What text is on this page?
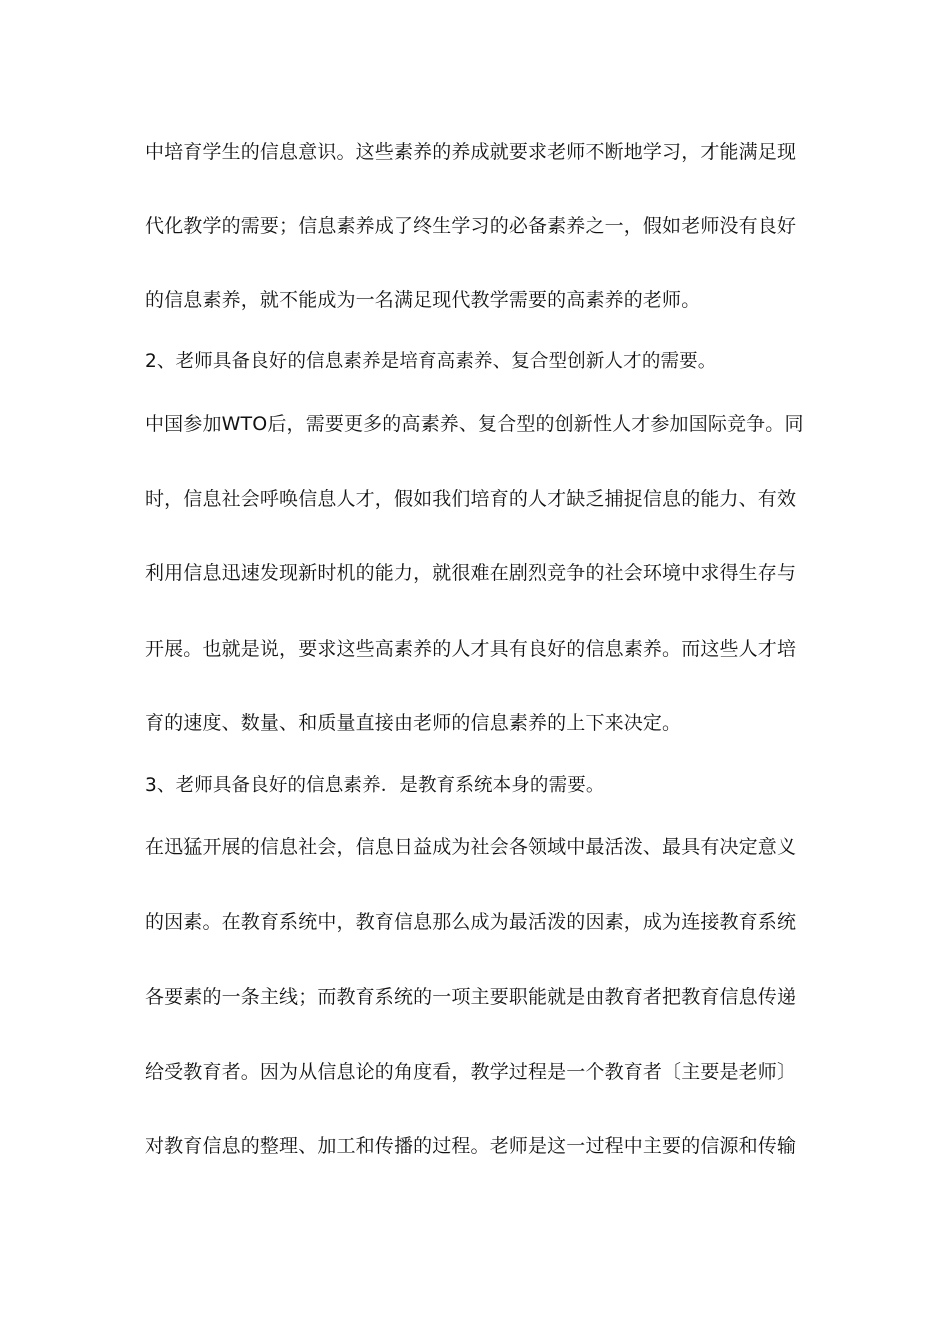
中培育学生的信息意识。这些素养的养成就要求老师不断地学习，才能满足现
代化教学的需要；信息素养成了终生学习的必备素养之一，假如老师没有良好
的信息素养，就不能成为一名满足现代教学需要的高素养的老师。
2、老师具备良好的信息素养是培育高素养、复合型创新人才的需要。
中国参加WTO后，需要更多的高素养、复合型的创新性人才参加国际竞争。同
时，信息社会呼唤信息人才，假如我们培育的人才缺乏捕捉信息的能力、有效
利用信息迅速发现新时机的能力，就很难在剧烈竞争的社会环境中求得生存与
开展。也就是说，要求这些高素养的人才具有良好的信息素养。而这些人才培
育的速度、数量、和质量直接由老师的信息素养的上下来决定。
3、老师具备良好的信息素养．是教育系统本身的需要。
在迅猛开展的信息社会，信息日益成为社会各领域中最活泼、最具有决定意义
的因素。在教育系统中，教育信息那么成为最活泼的因素，成为连接教育系统
各要素的一条主线；而教育系统的一项主要职能就是由教育者把教育信息传递
给受教育者。因为从信息论的角度看，教学过程是一个教育者〔主要是老师〕
对教育信息的整理、加工和传播的过程。老师是这一过程中主要的信源和传输
